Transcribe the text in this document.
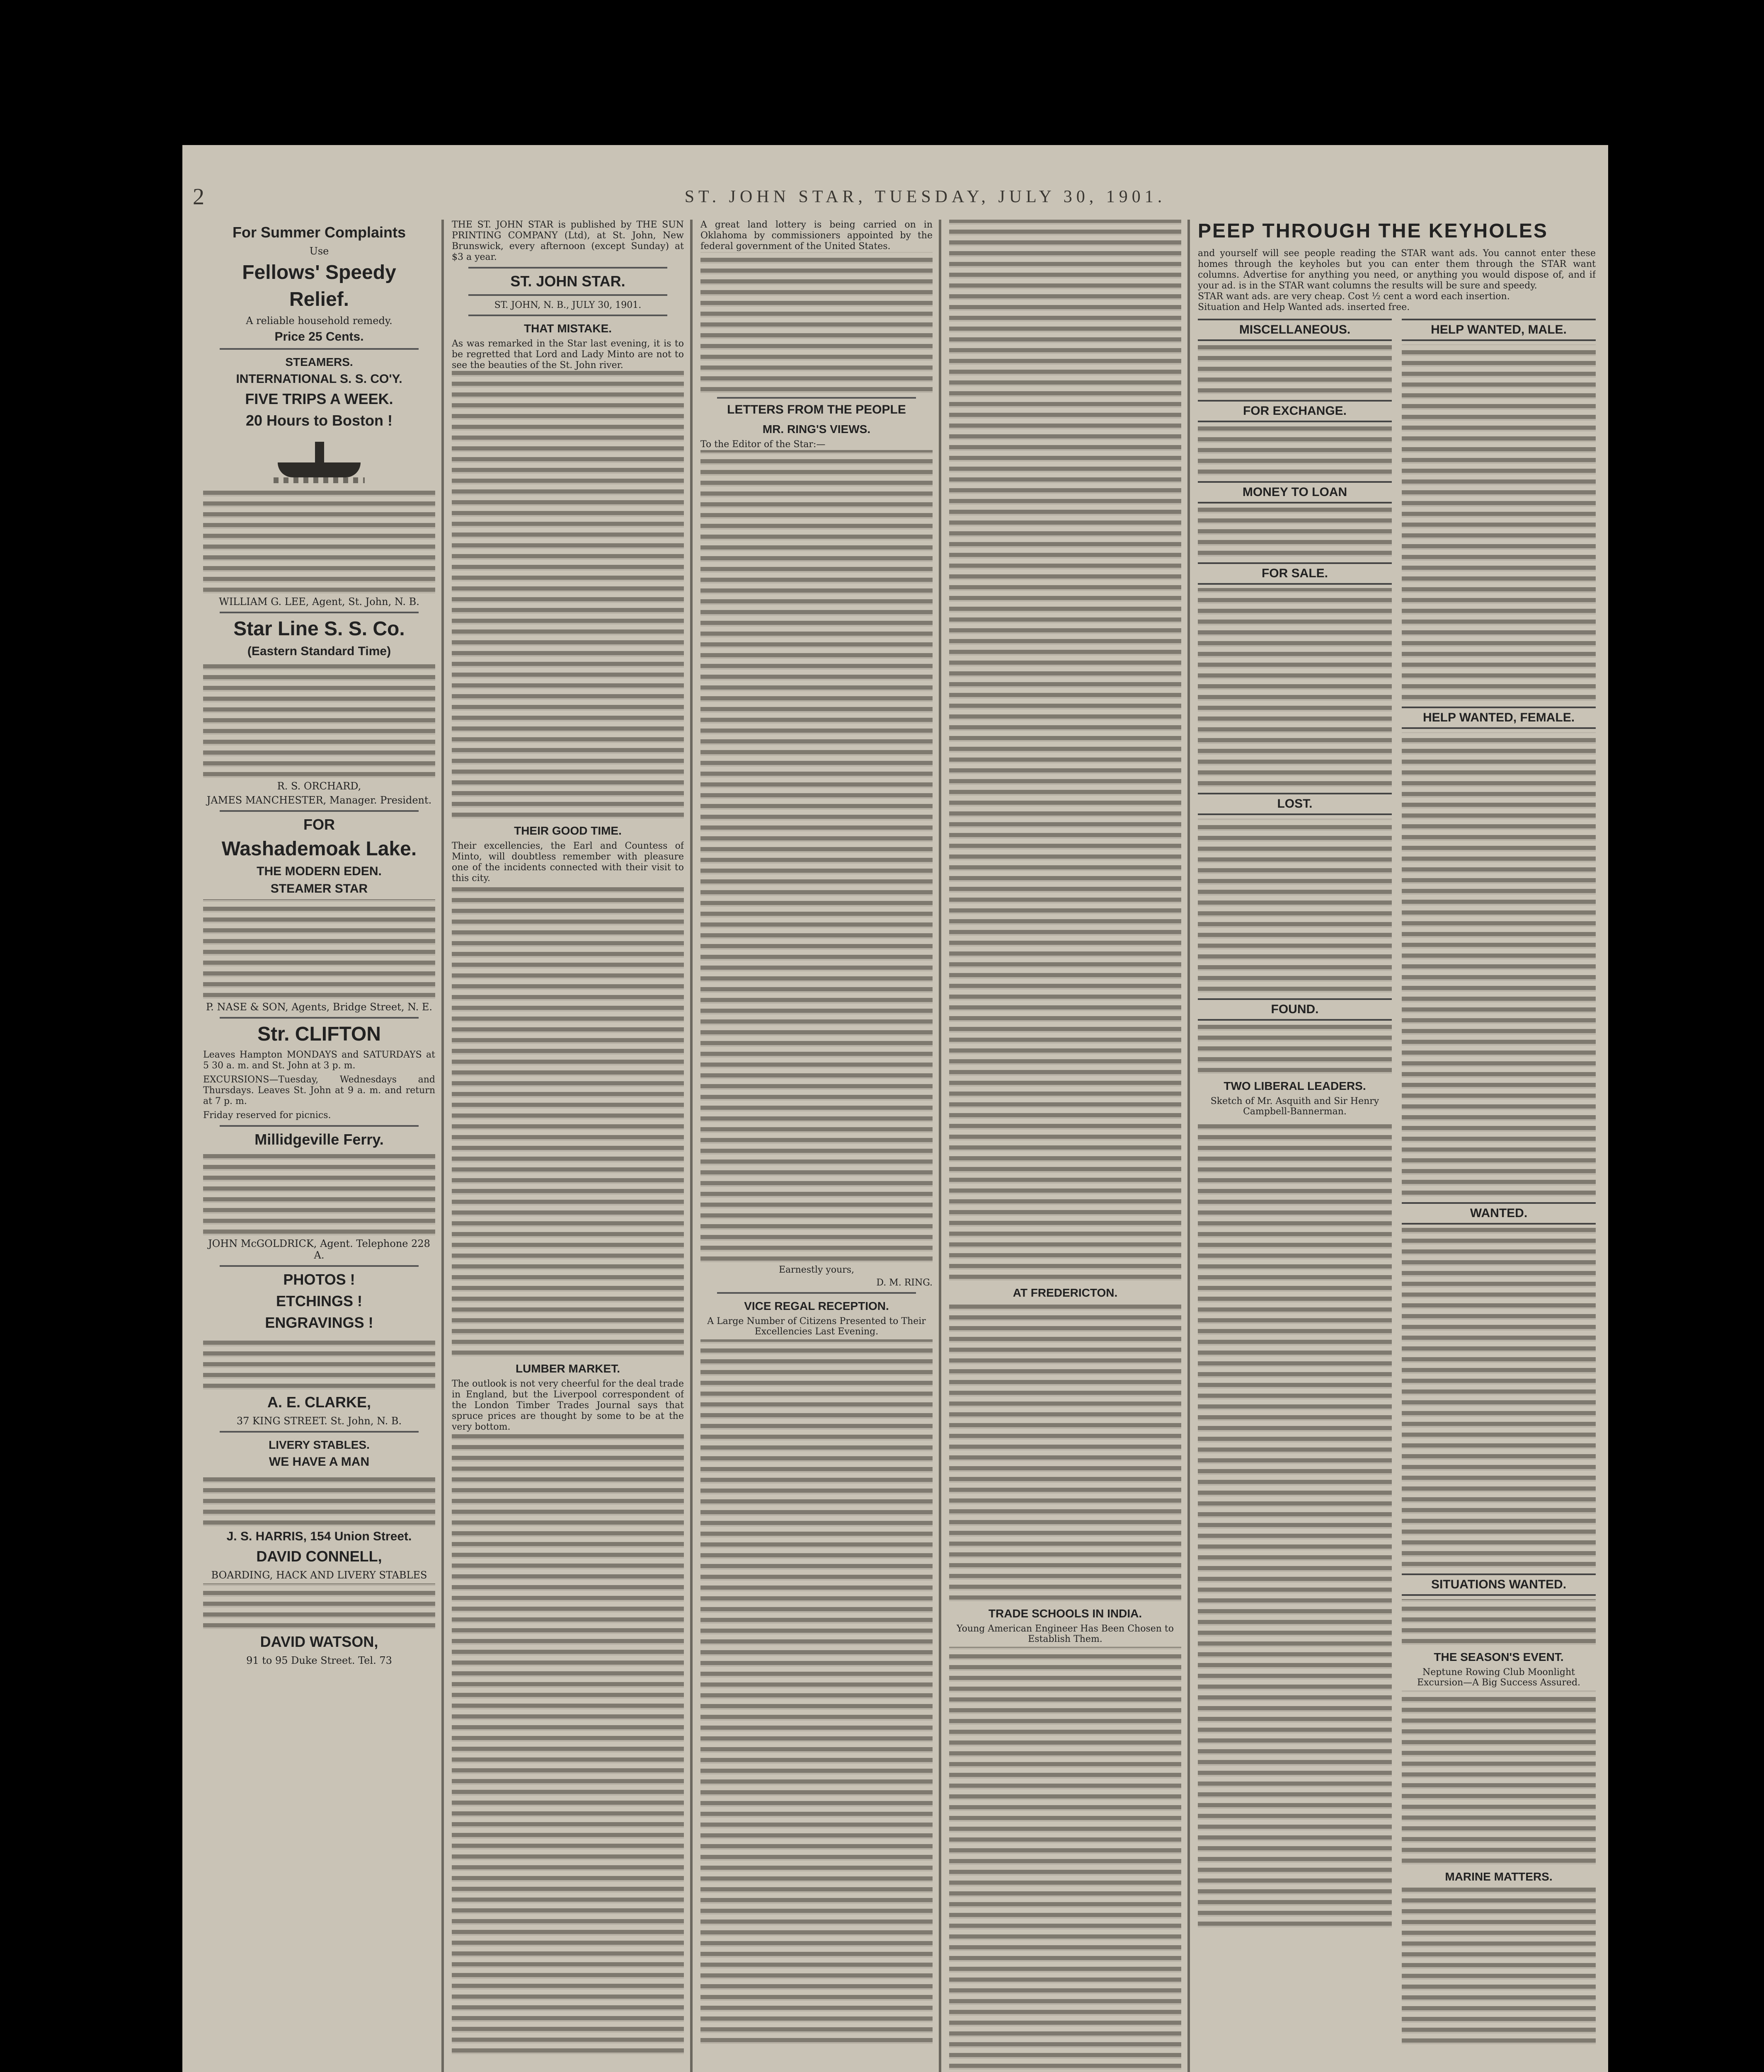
2	ST. JOHN STAR, TUESDAY, JULY 30, 1901.
For Summer Complaints
Use
Fellows' Speedy
Relief.
A reliable household remedy.
Price 25 Cents.
STEAMERS.
INTERNATIONAL S. S. CO'Y.
FIVE TRIPS A WEEK.
20 Hours to Boston !
WILLIAM G. LEE, Agent, St. John, N. B.
Star Line S. S. Co.
(Eastern Standard Time)
R. S. ORCHARD,
JAMES MANCHESTER, Manager. President.
FOR
Washademoak Lake.
THE MODERN EDEN.
STEAMER STAR
P. NASE & SON, Agents, Bridge Street, N. E.
Str. CLIFTON
Leaves Hampton MONDAYS and SATURDAYS at 5 30 a. m. and St. John at 3 p. m.
EXCURSIONS—Tuesday, Wednesdays and Thursdays. Leaves St. John at 9 a. m. and return at 7 p. m.
Friday reserved for picnics.
Millidgeville Ferry.
JOHN McGOLDRICK, Agent. Telephone 228 A.
PHOTOS !
ETCHINGS !
ENGRAVINGS !
A. E. CLARKE,
37 KING STREET. St. John, N. B.
LIVERY STABLES.
WE HAVE A MAN
J. S. HARRIS, 154 Union Street.
DAVID CONNELL,
BOARDING, HACK AND LIVERY STABLES
DAVID WATSON,
91 to 95 Duke Street. Tel. 73
THE ST. JOHN STAR is published by THE SUN PRINTING COMPANY (Ltd), at St. John, New Brunswick, every afternoon (except Sunday) at $3 a year.
ST. JOHN STAR.
ST. JOHN, N. B., JULY 30, 1901.
THAT MISTAKE.
As was remarked in the Star last evening, it is to be regretted that Lord and Lady Minto are not to see the beauties of the St. John river.
THEIR GOOD TIME.
Their excellencies, the Earl and Countess of Minto, will doubtless remember with pleasure one of the incidents connected with their visit to this city.
LUMBER MARKET.
The outlook is not very cheerful for the deal trade in England, but the Liverpool correspondent of the London Timber Trades Journal says that spruce prices are thought by some to be at the very bottom.
A great land lottery is being carried on in Oklahoma by commissioners appointed by the federal government of the United States.
LETTERS FROM THE PEOPLE
MR. RING'S VIEWS.
To the Editor of the Star:—
Earnestly yours,
D. M. RING.
VICE REGAL RECEPTION.
A Large Number of Citizens Presented to Their Excellencies Last Evening.
AT FREDERICTON.
TRADE SCHOOLS IN INDIA.
Young American Engineer Has Been Chosen to Establish Them.
PEEP THROUGH THE KEYHOLES
and yourself will see people reading the STAR want ads. You cannot enter these homes through the keyholes but you can enter them through the STAR want columns. Advertise for anything you need, or anything you would dispose of, and if your ad. is in the STAR want columns the results will be sure and speedy.
STAR want ads. are very cheap. Cost ½ cent a word each insertion.
Situation and Help Wanted ads. inserted free.
MISCELLANEOUS.
FOR EXCHANGE.
MONEY TO LOAN
FOR SALE.
LOST.
FOUND.
TWO LIBERAL LEADERS.
Sketch of Mr. Asquith and Sir Henry Campbell-Bannerman.
HELP WANTED, MALE.
HELP WANTED, FEMALE.
WANTED.
SITUATIONS WANTED.
THE SEASON'S EVENT.
Neptune Rowing Club Moonlight Excursion—A Big Success Assured.
MARINE MATTERS.
